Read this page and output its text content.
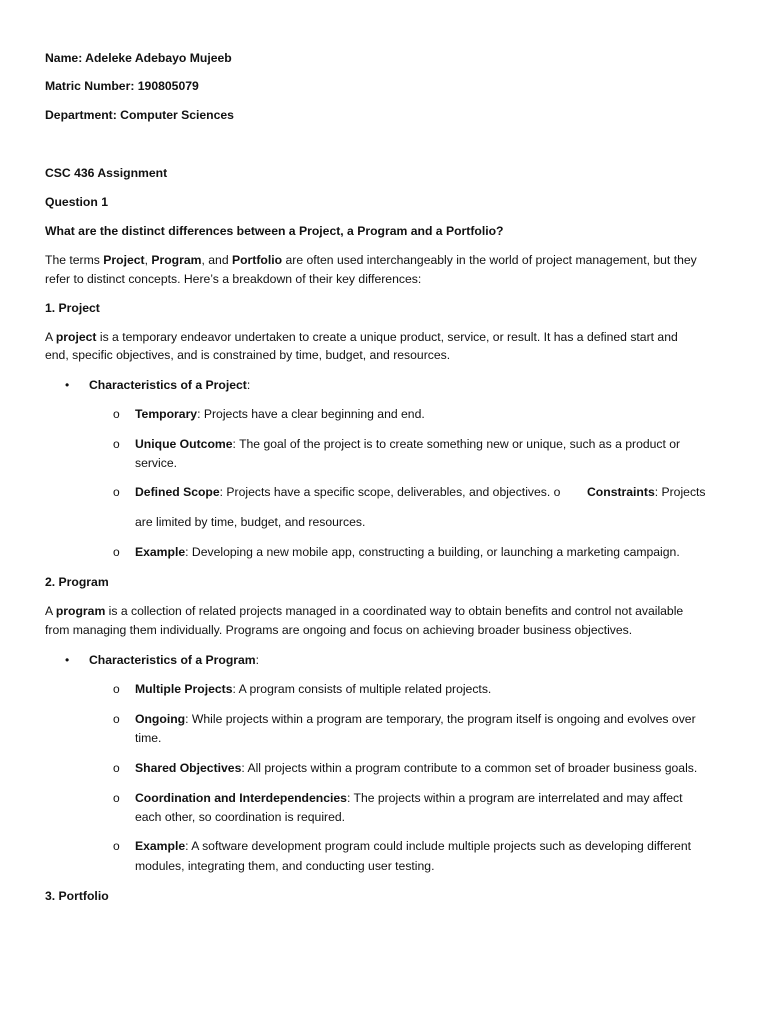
Name: Adeleke Adebayo Mujeeb
Matric Number: 190805079
Department: Computer Sciences
CSC 436 Assignment
Question 1
What are the distinct differences between a Project, a Program and a Portfolio?
The terms Project, Program, and Portfolio are often used interchangeably in the world of project management, but they
refer to distinct concepts. Here’s a breakdown of their key differences:
1. Project
A project is a temporary endeavor undertaken to create a unique product, service, or result. It has a defined start and
end, specific objectives, and is constrained by time, budget, and resources.
• Characteristics of a Project:
o Temporary: Projects have a clear beginning and end.
o Unique Outcome: The goal of the project is to create something new or unique, such as a product or
service.
o Defined Scope: Projects have a specific scope, deliverables, and objectives. o Constraints: Projects
are limited by time, budget, and resources.
o Example: Developing a new mobile app, constructing a building, or launching a marketing campaign.
2. Program
A program is a collection of related projects managed in a coordinated way to obtain benefits and control not available
from managing them individually. Programs are ongoing and focus on achieving broader business objectives.
• Characteristics of a Program:
o Multiple Projects: A program consists of multiple related projects.
o Ongoing: While projects within a program are temporary, the program itself is ongoing and evolves over
time.
o Shared Objectives: All projects within a program contribute to a common set of broader business goals.
o Coordination and Interdependencies: The projects within a program are interrelated and may affect
each other, so coordination is required.
o Example: A software development program could include multiple projects such as developing different
modules, integrating them, and conducting user testing.
3. Portfolio
